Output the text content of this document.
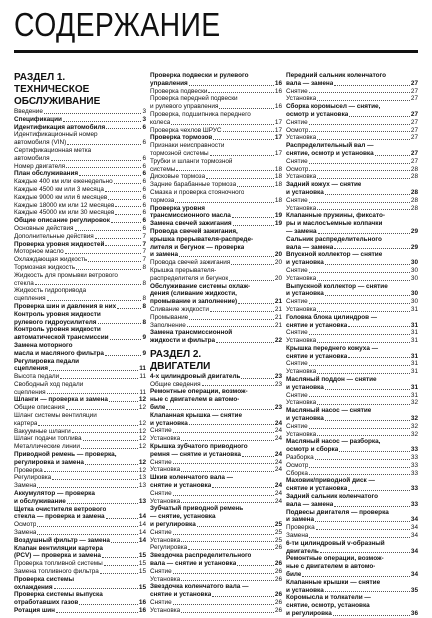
СОДЕРЖАНИЕ
РАЗДЕЛ 1.
ТЕХНИЧЕСКОЕ
ОБСЛУЖИВАНИЕ
Введение	3
Спецификации	3
Идентификация автомобиля	6
Идентификационный номер
автомобиля (VIN)	6
Сертификационная метка
автомобиля	6
Номер двигателя	6
План обслуживания	6
Каждые 400 км или еженедельно	6
Каждые 4500 км или 3 месяца	6
Каждые 9000 км или 6 месяцев	6
Каждые 18000 км или 12 месяцев	6
Каждые 45000 км или 30 месяцев	6
Общие описание регулировок	6
Основные действия	6
Дополнительные действия	7
Проверка уровня жидкостей	7
Моторное масло	7
Охлаждающая жидкость	7
Тормозная жидкость	8
Жидкость для промывки ветрового
стекла	8
Жидкость гидропривода
сцепления	8
Проверка шин и давления в них	8
Контроль уровня жидкости
рулевого гидроусилителя	8
Контроль уровня жидкости
автоматической трансмиссии	9
Замена моторного
масла и масляного фильтра	9
Регулировка педали
сцепления	11
Высота педали	11
Свободный ход педали
сцепления	11
Шланги — проверка и замена	12
Общие описания	12
Шланг системы вентиляции
картера	12
Вакуумные шланги	12
Шланг подачи топлива	12
Металлические линии	12
Приводной ремень — проверка,
регулировка и замена	12
Проверка	12
Регулировка	13
Замена	13
Аккумулятор — проверка
и обслуживание	13
Щетка очистителя ветрового
стекла — проверка и замена	14
Осмотр	14
Замена	14
Воздушный фильтр — замена	14
Клапан вентиляции картера
(PCV) — проверка и замена	15
Проверка топливной системы	15
Замена топливного фильтра	15
Проверка системы
охлаждения	15
Проверка системы выпуска
отработавших газов	16
Ротация шин	16
Проверка подвески и рулевого
управления	16
Проверка подвески	16
Проверка передней подвески
и рулевого управления	16
Проверка, подшипника переднего
колеса	17
Проверка чехлов ШРУС	17
Проверка тормозов	17
Признаки неисправности
тормозной системы	17
Трубки и шланги тормозной
системы	18
Дисковые тормоза	18
Задние барабанные тормоза	18
Смазка и проверка стояночного
тормоза	18
Проверка уровня
трансмиссионного масла	19
Замена свечей зажигания	19
Провода свечей зажигания,
крышка прерывателя-распреде-
лителя и бегунок — проверка
и замена	20
Провода свечей зажигания	20
Крышка прерывателя-
распределителя и бегунок	20
Обслуживание системы охлаж-
дения (сливание жидкости,
промывание и заполнение)	21
Сливание жидкости	21
Промывание	21
Заполнение	21
Замена трансмиссионной
жидкости и фильтра	22
РАЗДЕЛ 2.
ДВИГАТЕЛИ
4-х цилиндровый двигатель	23
Общие сведения	23
Ремонтные операции, возмож-
ные с двигателем в автомо-
биле	23
Клапанная крышка — снятие
и установка	24
Снятие	24
Установка	24
Крышка зубчатого приводного
ремня — снятие и установка	24
Снятие	24
Установка	24
Шкив коленчатого вала —
снятие и установка	24
Снятие	24
Установка	24
Зубчатый приводной ремень
— снятие, установка
и регулировка	25
Снятие	25
Установка	25
Регулировка	26
Звездочка распределительного
вала — снятие и установка	26
Снятие	26
Установка	26
Звездочка коленчатого вала —
снятие и установка	26
Снятие	26
Установка	26
Передний сальник коленчатого
вала — замена	27
Снятие	27
Установка	27
Сборка коромысел — снятие,
осмотр и установка	27
Снятие	27
Осмотр	27
Установка	27
Распределительный вал —
снятие, осмотр и установка	27
Снятие	27
Осмотр	28
Установка	28
Задний кожух — снятие
и установка	28
Снятие	28
Установка	28
Клапанные пружины, фиксато-
ры и маслосъемные колпачки
— замена	29
Сальник распределительного
вала — замена	29
Впускной коллектор — снятие
и установка	30
Снятие	30
Установка	30
Выпускной коллектор — снятие
и установка	30
Снятие	30
Установка	31
Головка блока цилиндров —
снятие и установка	31
Снятие	31
Установка	31
Крышка переднего кожуха —
снятие и установка	31
Снятие	31
Установка	31
Масляный поддон — снятие
и установка	31
Снятие	31
Установка	32
Масляный насос — снятие
и установка	32
Снятие	32
Установка	32
Масляный насос — разборка,
осмотр и сборка	33
Разборка	33
Осмотр	33
Сборка	33
Маховик/приводной диск —
снятие и установка	33
Задний сальник коленчатого
вала — замена	33
Подвесы двигателя — проверка
и замена	34
Проверка	34
Замена	34
6-ти цилиндровый v-образный
двигатель	34
Ремонтные операции, возмож-
ные с двигателем в автомо-
биле	34
Клапанные крышки — снятие
и установка	35
Коромысла и толкатели —
снятие, осмотр, установка
и регулировка	36
